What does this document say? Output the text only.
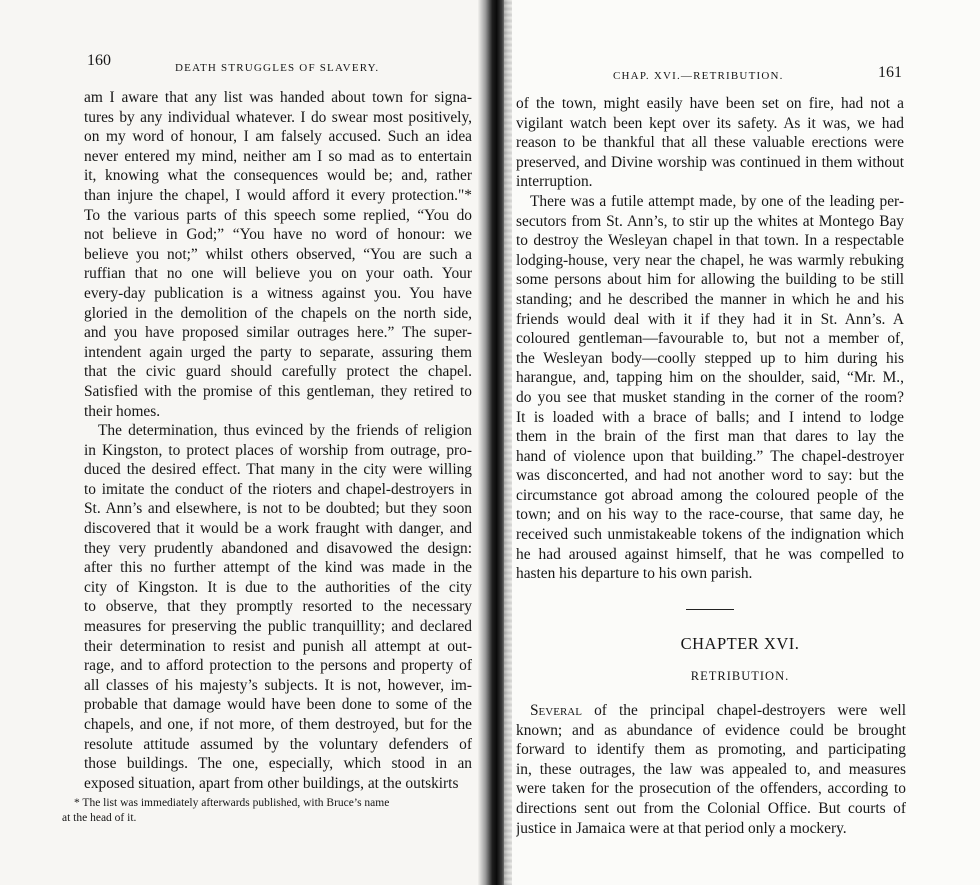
160	DEATH STRUGGLES OF SLAVERY.
am I aware that any list was handed about town for signa-
tures by any individual whatever. I do swear most positively,
on my word of honour, I am falsely accused. Such an idea
never entered my mind, neither am I so mad as to entertain
it, knowing what the consequences would be; and, rather
than injure the chapel, I would afford it every protection."*
To the various parts of this speech some replied, “You do
not believe in God;” “You have no word of honour: we
believe you not;” whilst others observed, “You are such a
ruffian that no one will believe you on your oath. Your
every-day publication is a witness against you. You have
gloried in the demolition of the chapels on the north side,
and you have proposed similar outrages here.” The super-
intendent again urged the party to separate, assuring them
that the civic guard should carefully protect the chapel.
Satisfied with the promise of this gentleman, they retired to
their homes.
The determination, thus evinced by the friends of religion
in Kingston, to protect places of worship from outrage, pro-
duced the desired effect. That many in the city were willing
to imitate the conduct of the rioters and chapel-destroyers in
St. Ann’s and elsewhere, is not to be doubted; but they soon
discovered that it would be a work fraught with danger, and
they very prudently abandoned and disavowed the design:
after this no further attempt of the kind was made in the
city of Kingston. It is due to the authorities of the city
to observe, that they promptly resorted to the necessary
measures for preserving the public tranquillity; and declared
their determination to resist and punish all attempt at out-
rage, and to afford protection to the persons and property of
all classes of his majesty’s subjects. It is not, however, im-
probable that damage would have been done to some of the
chapels, and one, if not more, of them destroyed, but for the
resolute attitude assumed by the voluntary defenders of
those buildings. The one, especially, which stood in an
exposed situation, apart from other buildings, at the outskirts
* The list was immediately afterwards published, with Bruce’s name
at the head of it.
CHAP. XVI.—RETRIBUTION.	161
of the town, might easily have been set on fire, had not a
vigilant watch been kept over its safety. As it was, we had
reason to be thankful that all these valuable erections were
preserved, and Divine worship was continued in them without
interruption.
There was a futile attempt made, by one of the leading per-
secutors from St. Ann’s, to stir up the whites at Montego Bay
to destroy the Wesleyan chapel in that town. In a respectable
lodging-house, very near the chapel, he was warmly rebuking
some persons about him for allowing the building to be still
standing; and he described the manner in which he and his
friends would deal with it if they had it in St. Ann’s. A
coloured gentleman—favourable to, but not a member of,
the Wesleyan body—coolly stepped up to him during his
harangue, and, tapping him on the shoulder, said, “Mr. M.,
do you see that musket standing in the corner of the room?
It is loaded with a brace of balls; and I intend to lodge
them in the brain of the first man that dares to lay the
hand of violence upon that building.” The chapel-destroyer
was disconcerted, and had not another word to say: but the
circumstance got abroad among the coloured people of the
town; and on his way to the race-course, that same day, he
received such unmistakeable tokens of the indignation which
he had aroused against himself, that he was compelled to
hasten his departure to his own parish.
CHAPTER XVI.
RETRIBUTION.
Several of the principal chapel-destroyers were well
known; and as abundance of evidence could be brought
forward to identify them as promoting, and participating
in, these outrages, the law was appealed to, and measures
were taken for the prosecution of the offenders, according to
directions sent out from the Colonial Office. But courts of
justice in Jamaica were at that period only a mockery.
